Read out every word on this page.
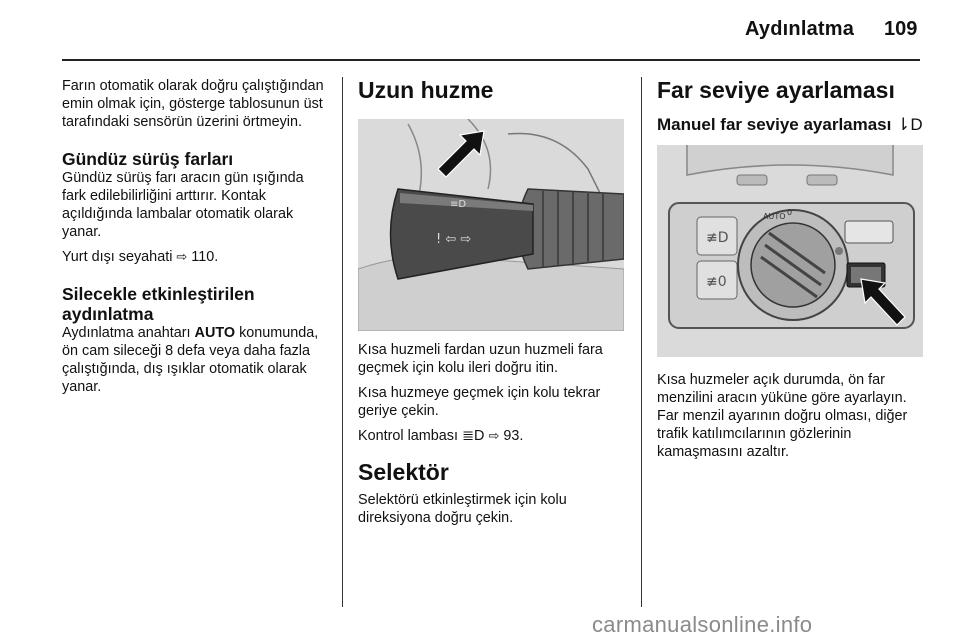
Aydınlatma 109

Farın otomatik olarak doğru çalıştığından emin olmak için, gösterge tablosunun üst tarafındaki sensörün üzerini örtmeyin.

Gündüz sürüş farları

Gündüz sürüş farı aracın gün ışığında fark edilebilirliğini arttırır. Kontak açıldığında lambalar otomatik olarak yanar.

Yurt dışı seyahati ⇨ 110.

Silecekle etkinleştirilen aydınlatma

Aydınlatma anahtarı AUTO konumunda, ön cam sileceği 8 defa veya daha fazla çalıştığında, dış ışıklar otomatik olarak yanar.

Uzun huzme
≡D
! ⇦ ⇨

Kısa huzmeli fardan uzun huzmeli fara geçmek için kolu ileri doğru itin.

Kısa huzmeye geçmek için kolu tekrar geriye çekin.

Kontrol lambası ≣D ⇨ 93.

Selektör

Selektörü etkinleştirmek için kolu direksiyona doğru çekin.

Far seviye ayarlaması
Manuel far seviye ayarlaması ⇂D
≢D
≢0
AUTO 0

Kısa huzmeler açık durumda, ön far menzilini aracın yüküne göre ayarlayın. Far menzil ayarının doğru olması, diğer trafik katılımcılarının gözlerinin kamaşmasını azaltır.

carmanualsonline.info
